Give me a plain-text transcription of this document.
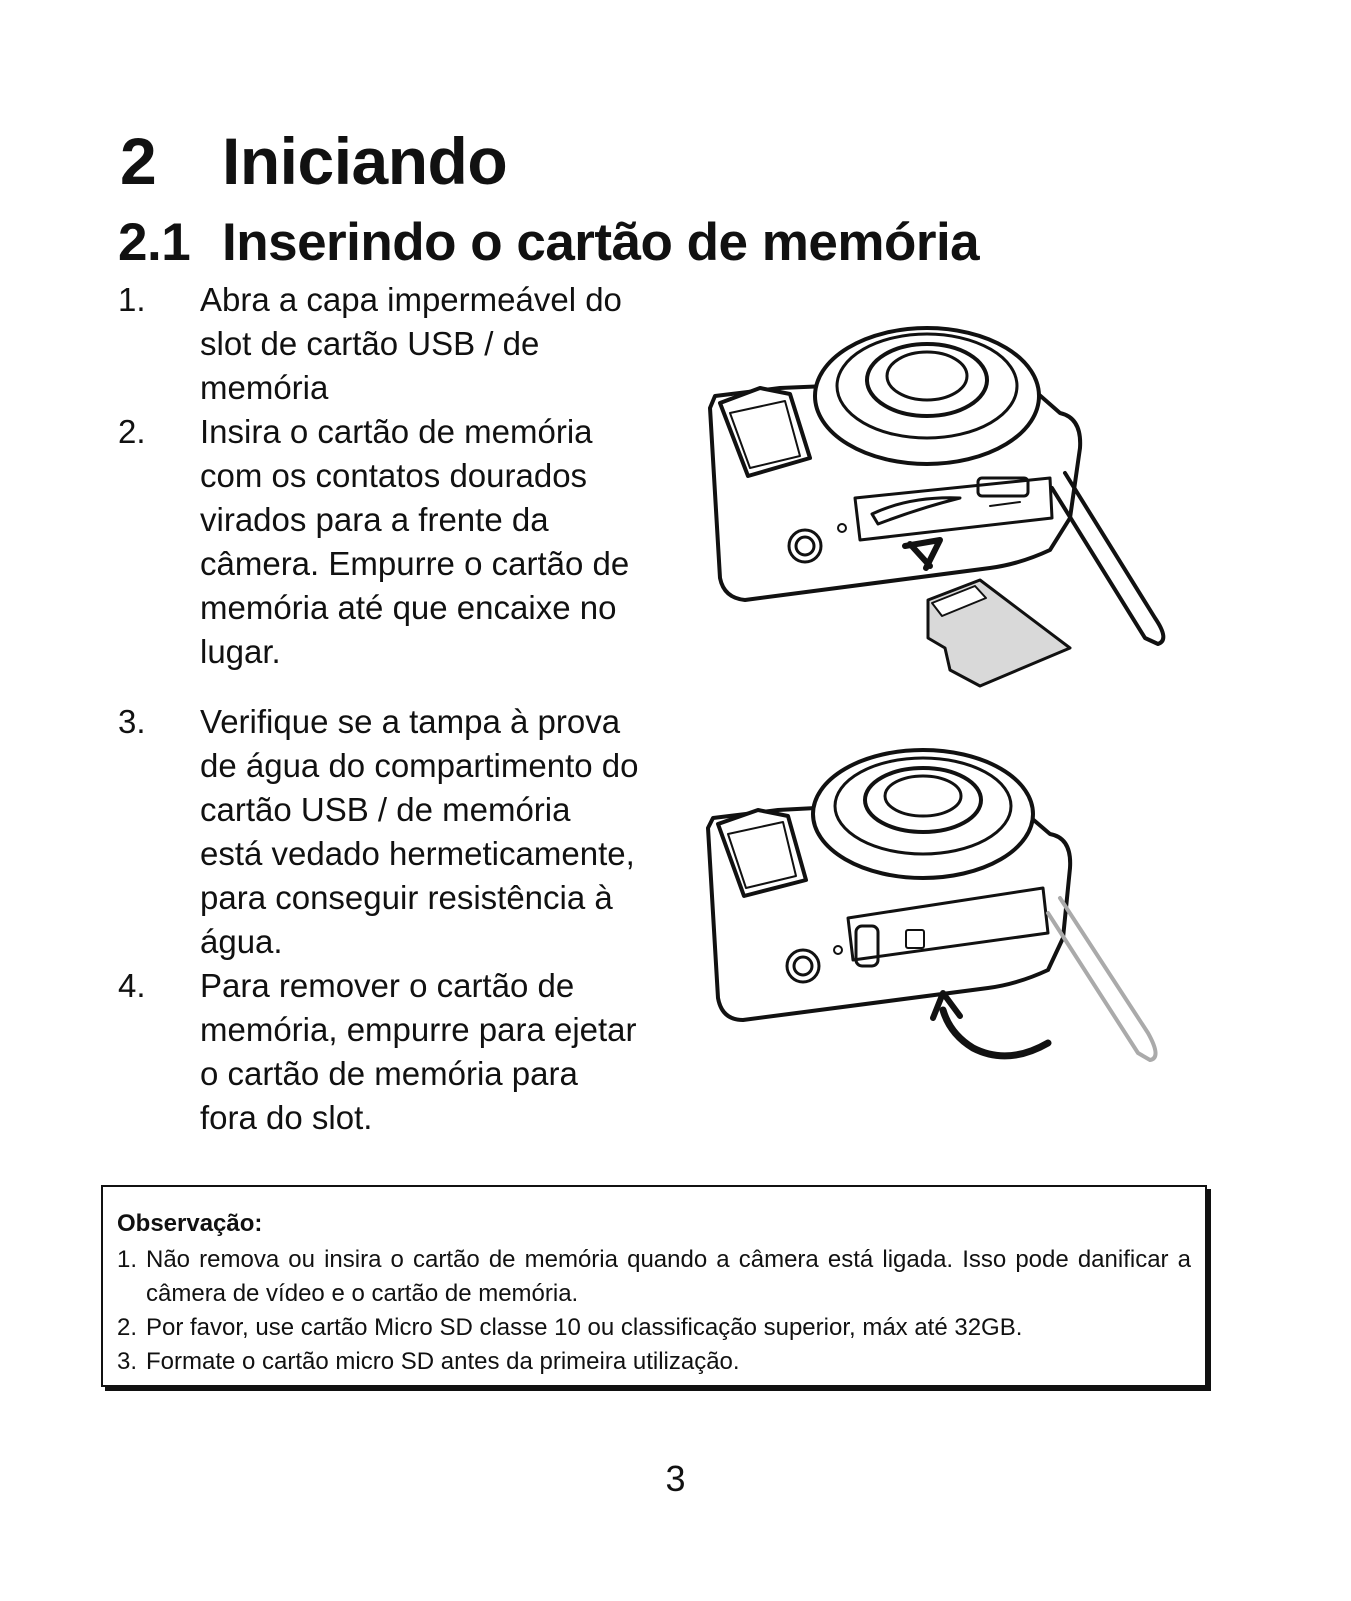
2 Iniciando
2.1 Inserindo o cartão de memória
1. Abra a capa impermeável do slot de cartão USB / de memória
2. Insira o cartão de memória com os contatos dourados virados para a frente da câmera. Empurre o cartão de memória até que encaixe no lugar.
3. Verifique se a tampa à prova de água do compartimento do cartão USB / de memória está vedado hermeticamente, para conseguir resistência à água.
4. Para remover o cartão de memória, empurre para ejetar o cartão de memória para fora do slot.
Observação:
1. Não remova ou insira o cartão de memória quando a câmera está ligada. Isso pode danificar a câmera de vídeo e o cartão de memória.
2. Por favor, use cartão Micro SD classe 10 ou classificação superior, máx até 32GB.
3. Formate o cartão micro SD antes da primeira utilização.
3
